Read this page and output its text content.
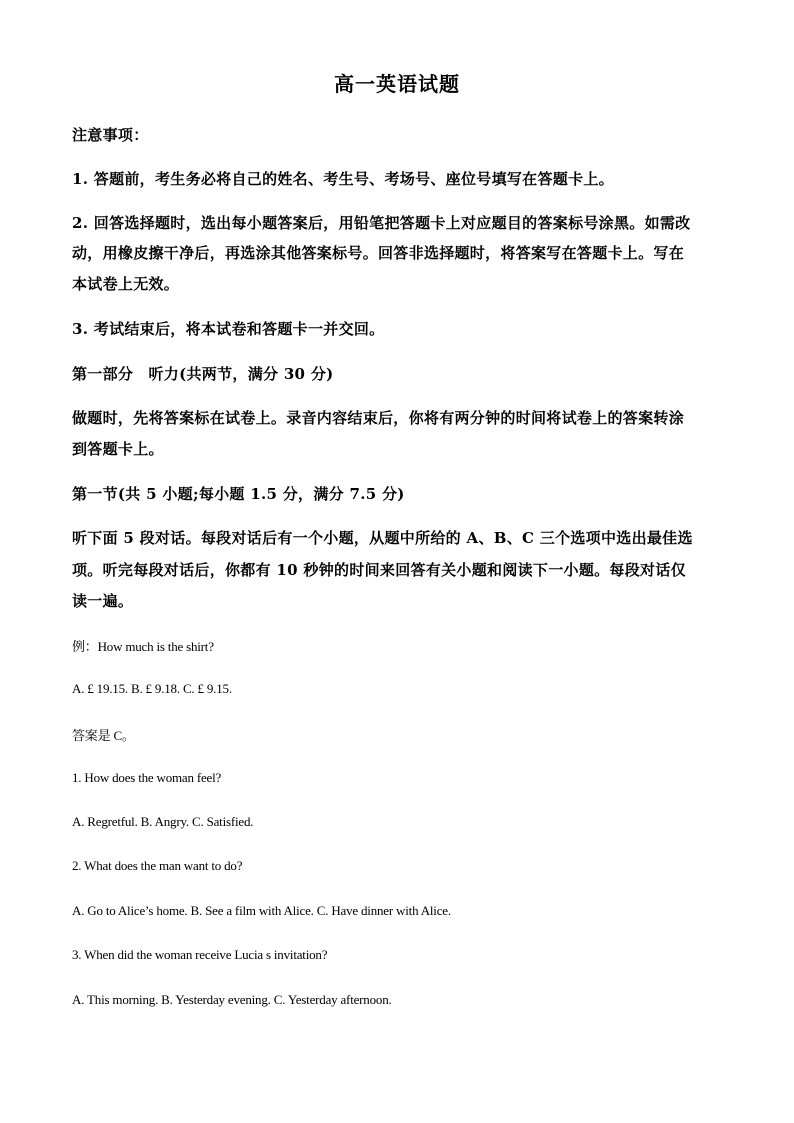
高一英语试题
注意事项：
1. 答题前，考生务必将自己的姓名、考生号、考场号、座位号填写在答题卡上。
2. 回答选择题时，选出每小题答案后，用铅笔把答题卡上对应题目的答案标号涂黑。如需改
动，用橡皮擦干净后，再选涂其他答案标号。回答非选择题时，将答案写在答题卡上。写在
本试卷上无效。
3. 考试结束后，将本试卷和答题卡一并交回。
第一部分　听力(共两节，满分 30 分)
做题时，先将答案标在试卷上。录音内容结束后，你将有两分钟的时间将试卷上的答案转涂
到答题卡上。
第一节(共 5 小题;每小题 1.5 分，满分 7.5 分)
听下面 5 段对话。每段对话后有一个小题，从题中所给的 A、B、C 三个选项中选出最佳选
项。听完每段对话后，你都有 10 秒钟的时间来回答有关小题和阅读下一小题。每段对话仅
读一遍。
例：How much is the shirt?
A. £ 19.15. B. £ 9.18. C. £ 9.15.
答案是 C。
1. How does the woman feel?
A. Regretful. B. Angry. C. Satisfied.
2. What does the man want to do?
A. Go to Alice’s home. B. See a film with Alice. C. Have dinner with Alice.
3. When did the woman receive Lucia s invitation?
A. This morning. B. Yesterday evening. C. Yesterday afternoon.
